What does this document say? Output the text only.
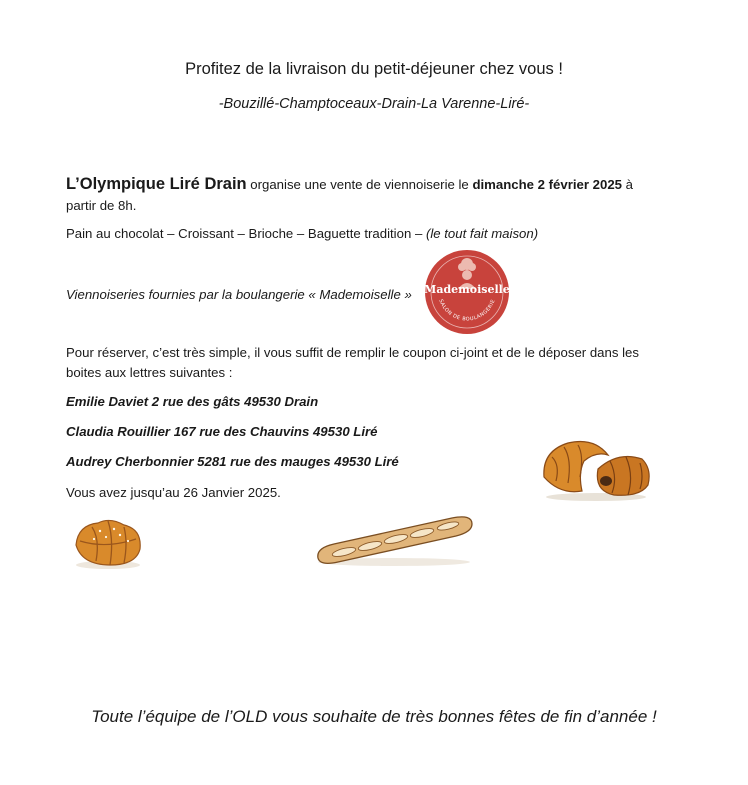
Profitez de la livraison du petit-déjeuner chez vous !
-Bouzillé-Champtoceaux-Drain-La Varenne-Liré-
L’Olympique Liré Drain organise une vente de viennoiserie le dimanche 2 février 2025 à partir de 8h.
Pain au chocolat – Croissant – Brioche – Baguette tradition – (le tout fait maison)
Viennoiseries fournies par la boulangerie « Mademoiselle » Mademoiselle
SALON DE BOULANGERIE
Pour réserver, c’est très simple, il vous suffit de remplir le coupon ci-joint et de le déposer dans les boites aux lettres suivantes :
Emilie Daviet 2 rue des gâts 49530 Drain
Claudia Rouillier 167 rue des Chauvins 49530 Liré
Audrey Cherbonnier 5281 rue des mauges 49530 Liré
Vous avez jusqu’au 26 Janvier 2025.
Toute l’équipe de l’OLD vous souhaite de très bonnes fêtes de fin d’année !
